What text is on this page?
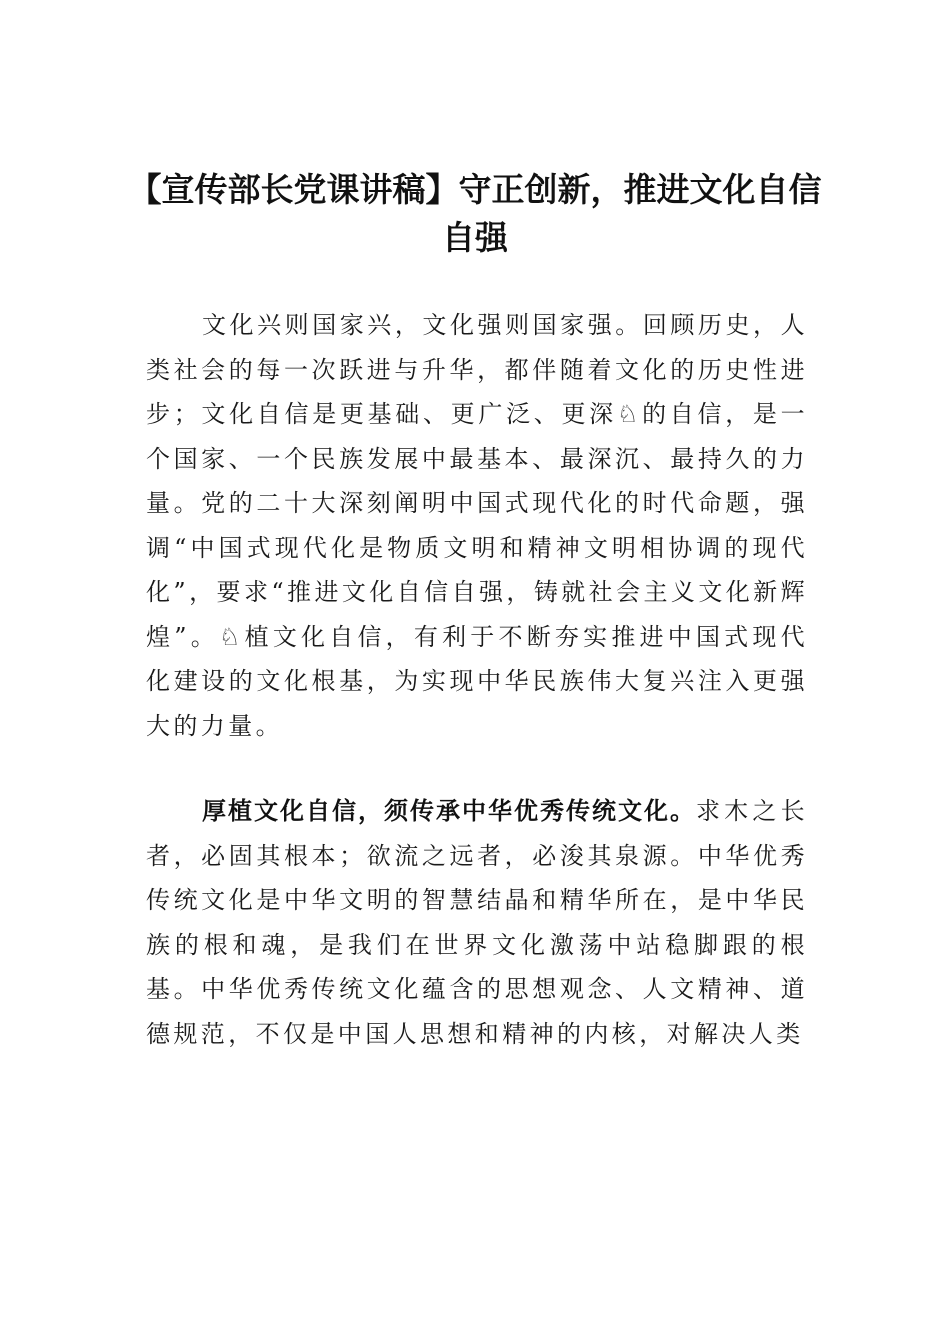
【宣传部长党课讲稿】守正创新，推进文化自信自强

文化兴则国家兴，文化强则国家强。回顾历史，人类社会的每一次跃进与升华，都伴随着文化的历史性进步；文化自信是更基础、更广泛、更深♘的自信，是一个国家、一个民族发展中最基本、最深沉、最持久的力量。党的二十大深刻阐明中国式现代化的时代命题，强调“中国式现代化是物质文明和精神文明相协调的现代化”，要求“推进文化自信自强，铸就社会主义文化新辉煌”。♘植文化自信，有利于不断夯实推进中国式现代化建设的文化根基，为实现中华民族伟大复兴注入更强大的力量。

厚植文化自信，须传承中华优秀传统文化。求木之长者，必固其根本；欲流之远者，必浚其泉源。中华优秀传统文化是中华文明的智慧结晶和精华所在，是中华民族的根和魂，是我们在世界文化激荡中站稳脚跟的根基。中华优秀传统文化蕴含的思想观念、人文精神、道德规范，不仅是中国人思想和精神的内核，对解决人类
